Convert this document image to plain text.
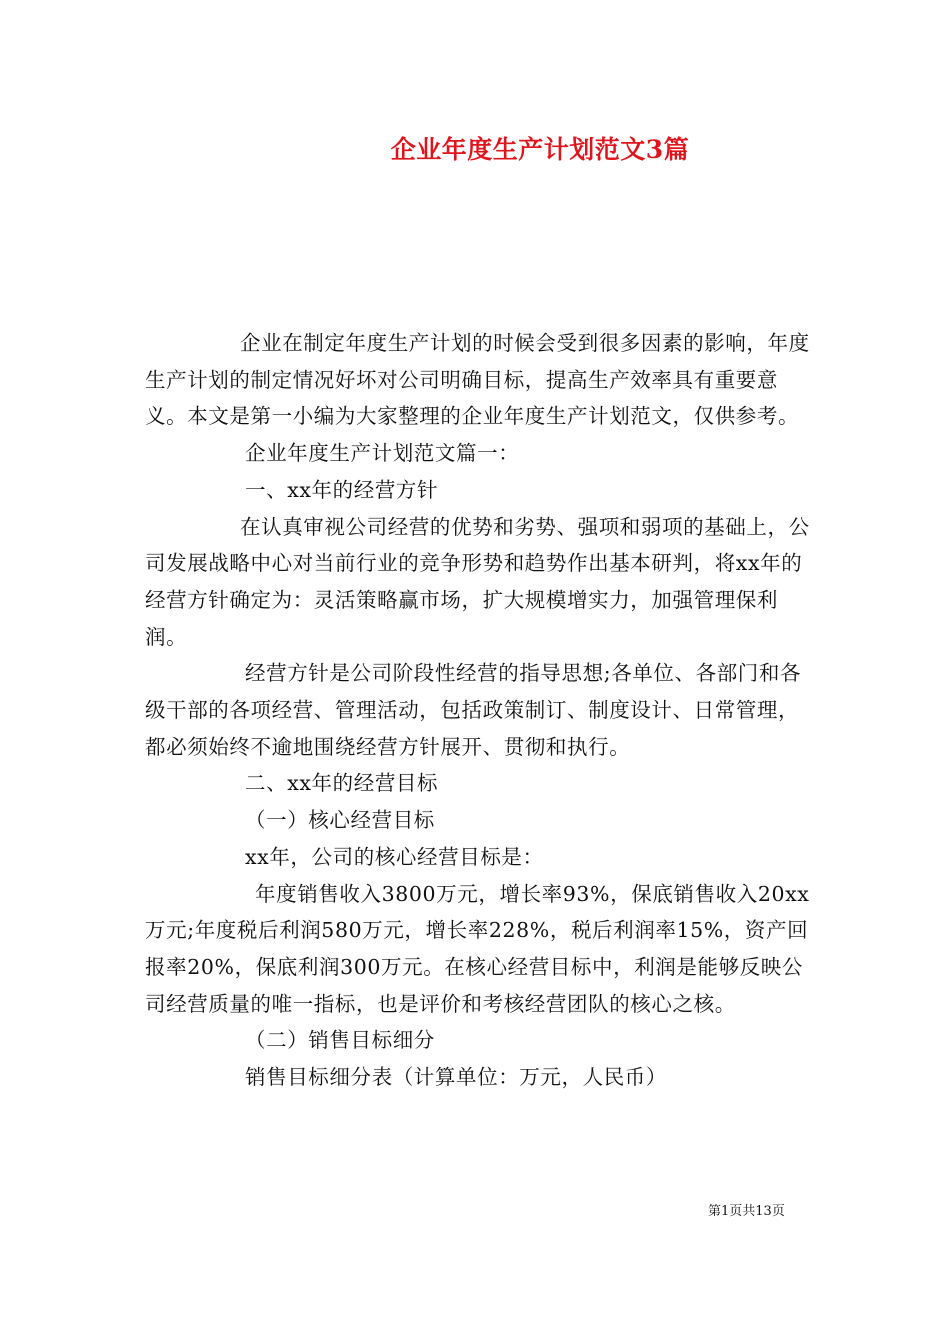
企业年度生产计划范文3篇

企业在制定年度生产计划的时候会受到很多因素的影响，年度生产计划的制定情况好坏对公司明确目标，提高生产效率具有重要意义。本文是第一小编为大家整理的企业年度生产计划范文，仅供参考。

企业年度生产计划范文篇一：

一、xx年的经营方针

在认真审视公司经营的优势和劣势、强项和弱项的基础上，公司发展战略中心对当前行业的竞争形势和趋势作出基本研判，将xx年的经营方针确定为：灵活策略赢市场，扩大规模增实力，加强管理保利润。

经营方针是公司阶段性经营的指导思想;各单位、各部门和各级干部的各项经营、管理活动，包括政策制订、制度设计、日常管理，都必须始终不逾地围绕经营方针展开、贯彻和执行。

二、xx年的经营目标

（一）核心经营目标

xx年，公司的核心经营目标是：

年度销售收入3800万元，增长率93%，保底销售收入20xx万元;年度税后利润580万元，增长率228%，税后利润率15%，资产回报率20%，保底利润300万元。在核心经营目标中，利润是能够反映公司经营质量的唯一指标，也是评价和考核经营团队的核心之核。

（二）销售目标细分

销售目标细分表（计算单位：万元，人民币）

第1页共13页
